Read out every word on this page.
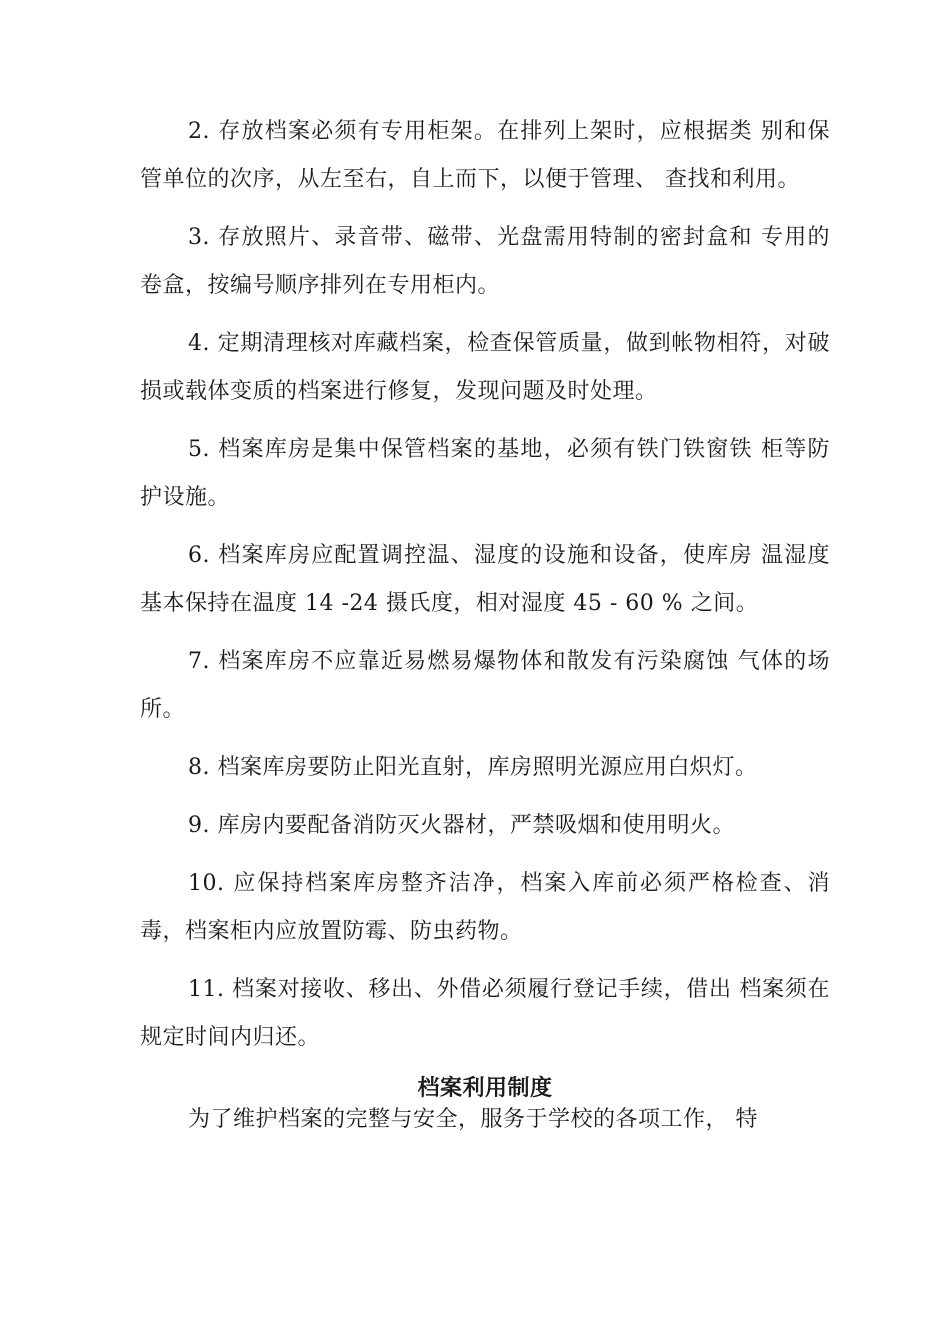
2. 存放档案必须有专用柜架。在排列上架时，应根据类 别和保管单位的次序，从左至右，自上而下，以便于管理、 查找和利用。

3. 存放照片、录音带、磁带、光盘需用特制的密封盒和 专用的卷盒，按编号顺序排列在专用柜内。

4. 定期清理核对库藏档案，检查保管质量，做到帐物相符，对破损或载体变质的档案进行修复，发现问题及时处理。

5. 档案库房是集中保管档案的基地，必须有铁门铁窗铁 柜等防护设施。

6. 档案库房应配置调控温、湿度的设施和设备，使库房 温湿度基本保持在温度 14 -24 摄氏度，相对湿度 45 - 60 % 之间。

7. 档案库房不应靠近易燃易爆物体和散发有污染腐蚀 气体的场所。

8. 档案库房要防止阳光直射，库房照明光源应用白炽灯。

9. 库房内要配备消防灭火器材，严禁吸烟和使用明火。

10. 应保持档案库房整齐洁净，档案入库前必须严格检查、消毒，档案柜内应放置防霉、防虫药物。

11. 档案对接收、移出、外借必须履行登记手续，借出 档案须在规定时间内归还。

档案利用制度

为了维护档案的完整与安全，服务于学校的各项工作， 特
